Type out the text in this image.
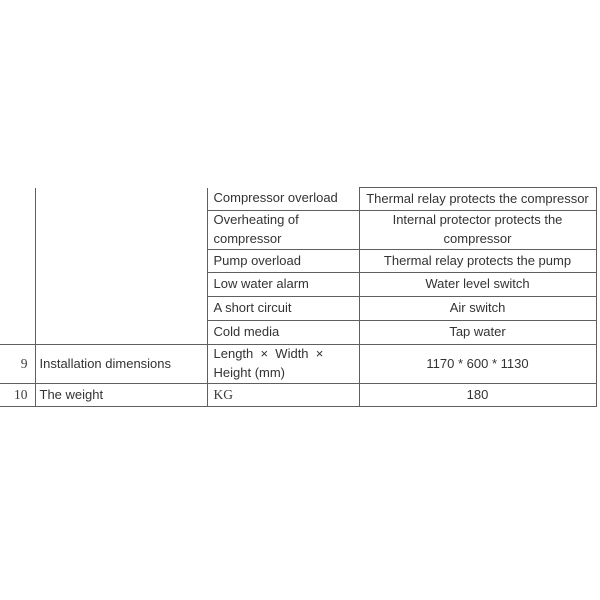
		Compressor overload	Thermal relay protects the compressor
		Overheating of compressor	Internal protector protects the compressor
		Pump overload	Thermal relay protects the pump
		Low water alarm	Water level switch
		A short circuit	Air switch
		Cold media	Tap water
9	Installation dimensions	Length  ×  Width  ×  Height (mm)	1170 * 600 * 1130
10	The weight	KG	180
